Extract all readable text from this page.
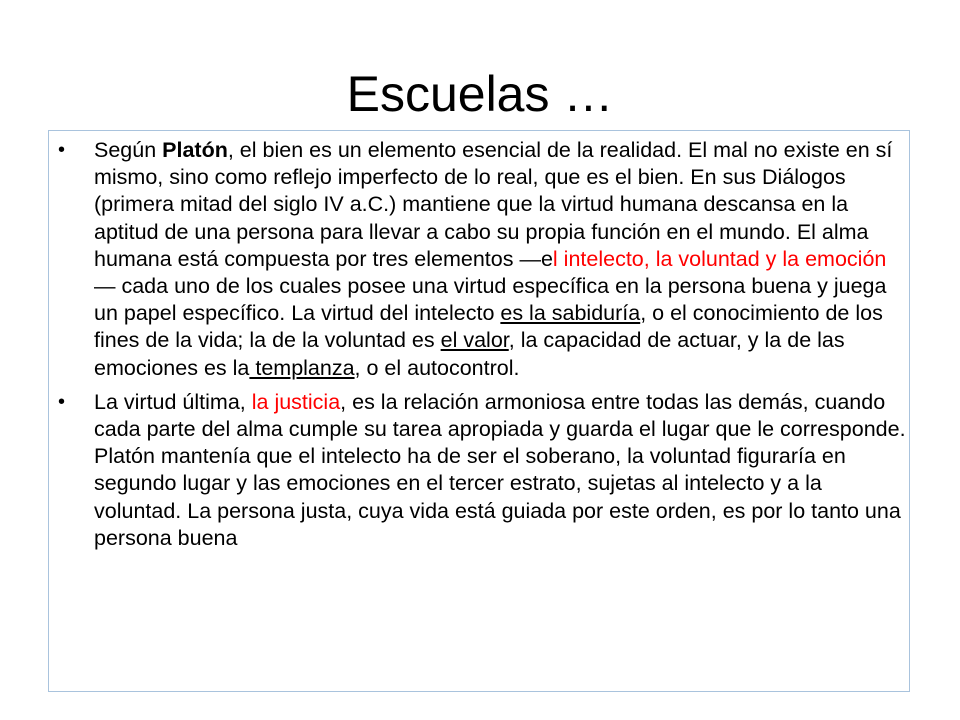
Escuelas …
• Según Platón, el bien es un elemento esencial de la realidad. El mal no existe en sí mismo, sino como reflejo imperfecto de lo real, que es el bien. En sus Diálogos (primera mitad del siglo IV a.C.) mantiene que la virtud humana descansa en la aptitud de una persona para llevar a cabo su propia función en el mundo. El alma humana está compuesta por tres elementos —el intelecto, la voluntad y la emoción— cada uno de los cuales posee una virtud específica en la persona buena y juega un papel específico. La virtud del intelecto es la sabiduría, o el conocimiento de los fines de la vida; la de la voluntad es el valor, la capacidad de actuar, y la de las emociones es la templanza, o el autocontrol.
• La virtud última, la justicia, es la relación armoniosa entre todas las demás, cuando cada parte del alma cumple su tarea apropiada y guarda el lugar que le corresponde. Platón mantenía que el intelecto ha de ser el soberano, la voluntad figuraría en segundo lugar y las emociones en el tercer estrato, sujetas al intelecto y a la voluntad. La persona justa, cuya vida está guiada por este orden, es por lo tanto una persona buena
